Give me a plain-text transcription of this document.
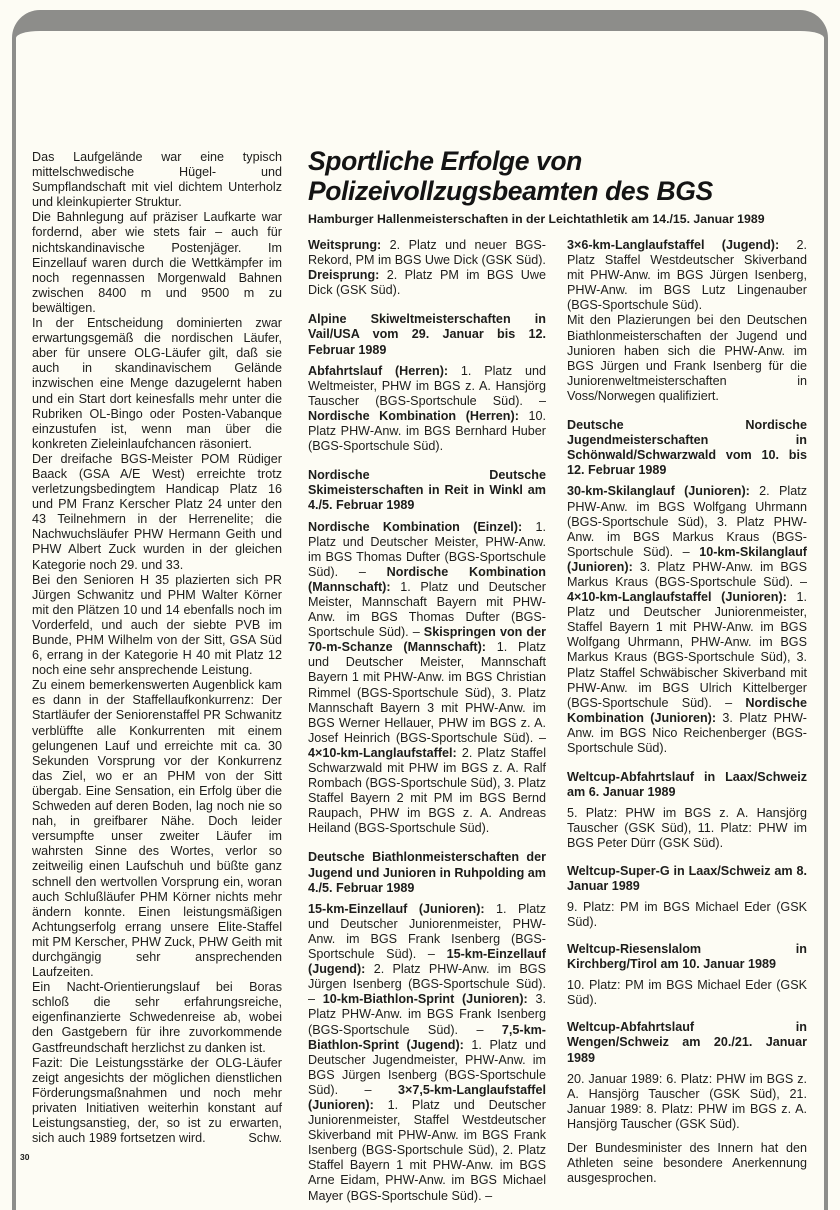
Das Laufgelände war eine typisch mittelschwedische Hügel- und Sumpflandschaft mit viel dichtem Unterholz und kleinkupierter Struktur.

Die Bahnlegung auf präziser Laufkarte war fordernd, aber wie stets fair – auch für nichtskandinavische Postenjäger. Im Einzellauf waren durch die Wettkämpfer im noch regennassen Morgenwald Bahnen zwischen 8400 m und 9500 m zu bewältigen.

In der Entscheidung dominierten zwar erwartungsgemäß die nordischen Läufer, aber für unsere OLG-Läufer gilt, daß sie auch in skandinavischem Gelände inzwischen eine Menge dazugelernt haben und ein Start dort keinesfalls mehr unter die Rubriken OL-Bingo oder Posten-Vabanque einzustufen ist, wenn man über die konkreten Zieleinlaufchancen räsoniert.

Der dreifache BGS-Meister POM Rüdiger Baack (GSA A/E West) erreichte trotz verletzungsbedingtem Handicap Platz 16 und PM Franz Kerscher Platz 24 unter den 43 Teilnehmern in der Herrenelite; die Nachwuchsläufer PHW Hermann Geith und PHW Albert Zuck wurden in der gleichen Kategorie noch 29. und 33.

Bei den Senioren H 35 plazierten sich PR Jürgen Schwanitz und PHM Walter Körner mit den Plätzen 10 und 14 ebenfalls noch im Vorderfeld, und auch der siebte PVB im Bunde, PHM Wilhelm von der Sitt, GSA Süd 6, errang in der Kategorie H 40 mit Platz 12 noch eine sehr ansprechende Leistung.

Zu einem bemerkenswerten Augenblick kam es dann in der Staffellaufkonkurrenz: Der Startläufer der Seniorenstaffel PR Schwanitz verblüffte alle Konkurrenten mit einem gelungenen Lauf und erreichte mit ca. 30 Sekunden Vorsprung vor der Konkurrenz das Ziel, wo er an PHM von der Sitt übergab. Eine Sensation, ein Erfolg über die Schweden auf deren Boden, lag noch nie so nah, in greifbarer Nähe. Doch leider versumpfte unser zweiter Läufer im wahrsten Sinne des Wortes, verlor so zeitweilig einen Laufschuh und büßte ganz schnell den wertvollen Vorsprung ein, woran auch Schlußläufer PHM Körner nichts mehr ändern konnte. Einen leistungsmäßigen Achtungserfolg errang unsere Elite-Staffel mit PM Kerscher, PHW Zuck, PHW Geith mit durchgängig sehr ansprechenden Laufzeiten.

Ein Nacht-Orientierungslauf bei Boras schloß die sehr erfahrungsreiche, eigenfinanzierte Schwedenreise ab, wobei den Gastgebern für ihre zuvorkommende Gastfreundschaft herzlichst zu danken ist.

Fazit: Die Leistungsstärke der OLG-Läufer zeigt angesichts der möglichen dienstlichen Förderungsmaßnahmen und noch mehr privaten Initiativen weiterhin konstant auf Leistungsanstieg, der, so ist zu erwarten, sich auch 1989 fortsetzen wird.	Schw.

30
Sportliche Erfolge von
Polizeivollzugsbeamten des BGS
Hamburger Hallenmeisterschaften in der Leichtathletik am 14./15. Januar 1989

Weitsprung: 2. Platz und neuer BGS-Rekord, PM im BGS Uwe Dick (GSK Süd).

Dreisprung: 2. Platz PM im BGS Uwe Dick (GSK Süd).

Alpine Skiweltmeisterschaften in Vail/USA vom 29. Januar bis 12. Februar 1989

Abfahrtslauf (Herren): 1. Platz und Weltmeister, PHW im BGS z. A. Hansjörg Tauscher (BGS-Sportschule Süd). – Nordische Kombination (Herren): 10. Platz PHW-Anw. im BGS Bernhard Huber (BGS-Sportschule Süd).

Nordische Deutsche Skimeisterschaften in Reit in Winkl am 4./5. Februar 1989

Nordische Kombination (Einzel): 1. Platz und Deutscher Meister, PHW-Anw. im BGS Thomas Dufter (BGS-Sportschule Süd). – Nordische Kombination (Mannschaft): 1. Platz und Deutscher Meister, Mannschaft Bayern mit PHW-Anw. im BGS Thomas Dufter (BGS-Sportschule Süd). – Skispringen von der 70-m-Schanze (Mannschaft): 1. Platz und Deutscher Meister, Mannschaft Bayern 1 mit PHW-Anw. im BGS Christian Rimmel (BGS-Sportschule Süd), 3. Platz Mannschaft Bayern 3 mit PHW-Anw. im BGS Werner Hellauer, PHW im BGS z. A. Josef Heinrich (BGS-Sportschule Süd). – 4×10-km-Langlaufstaffel: 2. Platz Staffel Schwarzwald mit PHW im BGS z. A. Ralf Rombach (BGS-Sportschule Süd), 3. Platz Staffel Bayern 2 mit PM im BGS Bernd Raupach, PHW im BGS z. A. Andreas Heiland (BGS-Sportschule Süd).

Deutsche Biathlonmeisterschaften der Jugend und Junioren in Ruhpolding am 4./5. Februar 1989

15-km-Einzellauf (Junioren): 1. Platz und Deutscher Juniorenmeister, PHW-Anw. im BGS Frank Isenberg (BGS-Sportschule Süd). – 15-km-Einzellauf (Jugend): 2. Platz PHW-Anw. im BGS Jürgen Isenberg (BGS-Sportschule Süd). – 10-km-Biathlon-Sprint (Junioren): 3. Platz PHW-Anw. im BGS Frank Isenberg (BGS-Sportschule Süd). – 7,5-km-Biathlon-Sprint (Jugend): 1. Platz und Deutscher Jugendmeister, PHW-Anw. im BGS Jürgen Isenberg (BGS-Sportschule Süd). – 3×7,5-km-Langlaufstaffel (Junioren): 1. Platz und Deutscher Juniorenmeister, Staffel Westdeutscher Skiverband mit PHW-Anw. im BGS Frank Isenberg (BGS-Sportschule Süd), 2. Platz Staffel Bayern 1 mit PHW-Anw. im BGS Arne Eidam, PHW-Anw. im BGS Michael Mayer (BGS-Sportschule Süd). –

3×6-km-Langlaufstaffel (Jugend): 2. Platz Staffel Westdeutscher Skiverband mit PHW-Anw. im BGS Jürgen Isenberg, PHW-Anw. im BGS Lutz Lingenauber (BGS-Sportschule Süd).

Mit den Plazierungen bei den Deutschen Biathlonmeisterschaften der Jugend und Junioren haben sich die PHW-Anw. im BGS Jürgen und Frank Isenberg für die Juniorenweltmeisterschaften in Voss/Norwegen qualifiziert.

Deutsche Nordische Jugendmeisterschaften in Schönwald/Schwarzwald vom 10. bis 12. Februar 1989

30-km-Skilanglauf (Junioren): 2. Platz PHW-Anw. im BGS Wolfgang Uhrmann (BGS-Sportschule Süd), 3. Platz PHW-Anw. im BGS Markus Kraus (BGS-Sportschule Süd). – 10-km-Skilanglauf (Junioren): 3. Platz PHW-Anw. im BGS Markus Kraus (BGS-Sportschule Süd). – 4×10-km-Langlaufstaffel (Junioren): 1. Platz und Deutscher Juniorenmeister, Staffel Bayern 1 mit PHW-Anw. im BGS Wolfgang Uhrmann, PHW-Anw. im BGS Markus Kraus (BGS-Sportschule Süd), 3. Platz Staffel Schwäbischer Skiverband mit PHW-Anw. im BGS Ulrich Kittelberger (BGS-Sportschule Süd). – Nordische Kombination (Junioren): 3. Platz PHW-Anw. im BGS Nico Reichenberger (BGS-Sportschule Süd).

Weltcup-Abfahrtslauf in Laax/Schweiz am 6. Januar 1989

5. Platz: PHW im BGS z. A. Hansjörg Tauscher (GSK Süd), 11. Platz: PHW im BGS Peter Dürr (GSK Süd).

Weltcup-Super-G in Laax/Schweiz am 8. Januar 1989

9. Platz: PM im BGS Michael Eder (GSK Süd).

Weltcup-Riesenslalom in Kirchberg/Tirol am 10. Januar 1989

10. Platz: PM im BGS Michael Eder (GSK Süd).

Weltcup-Abfahrtslauf in Wengen/Schweiz am 20./21. Januar 1989

20. Januar 1989: 6. Platz: PHW im BGS z. A. Hansjörg Tauscher (GSK Süd), 21. Januar 1989: 8. Platz: PHW im BGS z. A. Hansjörg Tauscher (GSK Süd).

Der Bundesminister des Innern hat den Athleten seine besondere Anerkennung ausgesprochen.
